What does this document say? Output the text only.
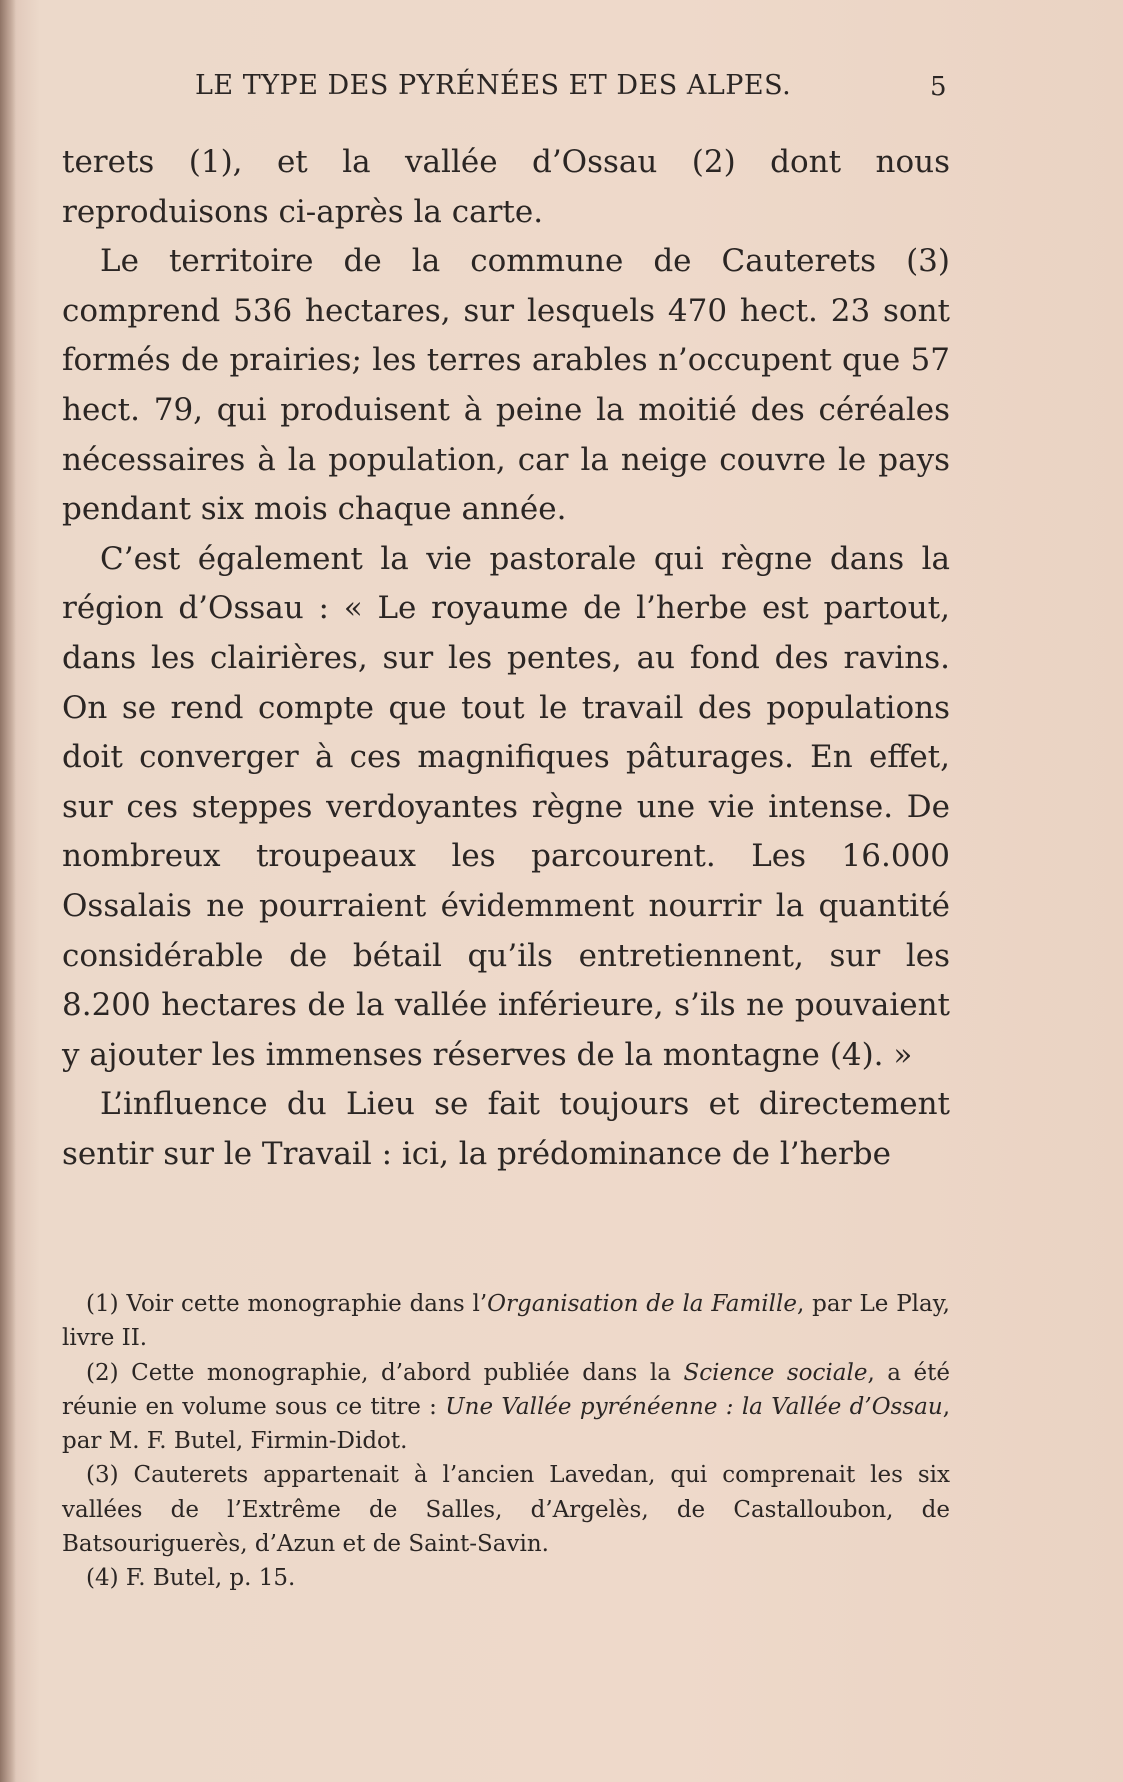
LE TYPE DES PYRÉNÉES ET DES ALPES.	5

terets (1), et la vallée d’Ossau (2) dont nous reproduisons ci-après la carte.

Le territoire de la commune de Cauterets (3) comprend 536 hectares, sur lesquels 470 hect. 23 sont formés de prairies; les terres arables n’occupent que 57 hect. 79, qui produisent à peine la moitié des céréales nécessaires à la population, car la neige couvre le pays pendant six mois chaque année.

C’est également la vie pastorale qui règne dans la région d’Ossau : « Le royaume de l’herbe est partout, dans les clairières, sur les pentes, au fond des ravins. On se rend compte que tout le travail des populations doit converger à ces magnifiques pâturages. En effet, sur ces steppes verdoyantes règne une vie intense. De nombreux troupeaux les parcourent. Les 16.000 Ossalais ne pourraient évidemment nourrir la quantité considérable de bétail qu’ils entretiennent, sur les 8.200 hectares de la vallée inférieure, s’ils ne pouvaient y ajouter les immenses réserves de la montagne (4). »

L’influence du Lieu se fait toujours et directement sentir sur le Travail : ici, la prédominance de l’herbe

(1) Voir cette monographie dans l’Organisation de la Famille, par Le Play, livre II.

(2) Cette monographie, d’abord publiée dans la Science sociale, a été réunie en volume sous ce titre : Une Vallée pyrénéenne : la Vallée d’Ossau, par M. F. Butel, Firmin-Didot.

(3) Cauterets appartenait à l’ancien Lavedan, qui comprenait les six vallées de l’Extrême de Salles, d’Argelès, de Castalloubon, de Batsouriguerès, d’Azun et de Saint-Savin.

(4) F. Butel, p. 15.
